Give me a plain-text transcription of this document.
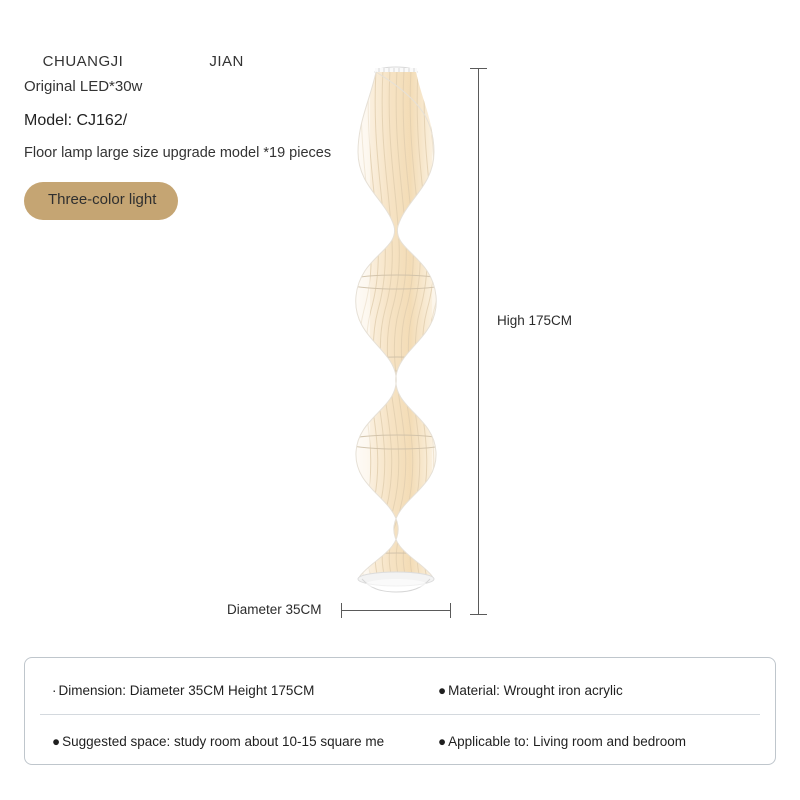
CHUANGJI	JIAN

Original LED*30w
Model: CJ162/
Floor lamp large size upgrade model *19 pieces
Three-color light
High 175CM
Diameter 35CM
· Dimension: Diameter 35CM Height 175CM	● Material: Wrought iron acrylic
● Suggested space: study room about 10-15 square me	● Applicable to: Living room and bedroom
